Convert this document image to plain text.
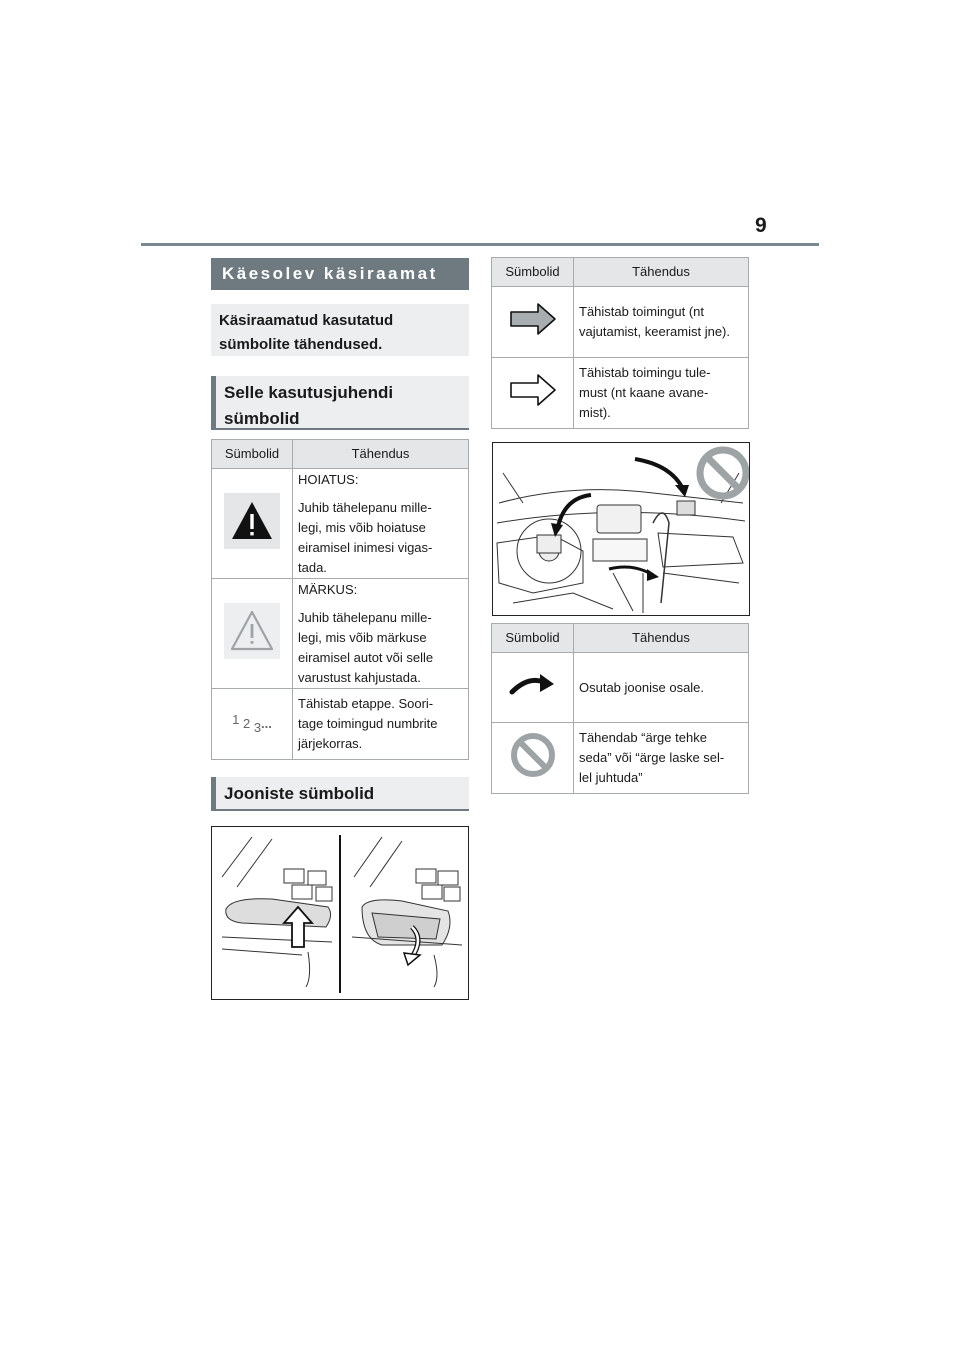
9
Käesolev käsiraamat
Käsiraamatud kasutatud
sümbolite tähendused.
Selle kasutusjuhendi
sümbolid
Sümbolid	Tähendus

HOIATUS:

Juhib tähelepanu mille-
legi, mis võib hoiatuse
eiramisel inimesi vigas-
tada.

MÄRKUS:

Juhib tähelepanu mille-
legi, mis võib märkuse
eiramisel autot või selle
varustust kahjustada.

1 2 3...	Tähistab etappe. Soori-
tage toimingud numbrite
järjekorras.

Jooniste sümbolid
Sümbolid	Tähendus

Tähistab toimingut (nt
vajutamist, keeramist jne).

Tähistab toimingu tule-
must (nt kaane avane-
mist).

Sümbolid	Tähendus

Osutab joonise osale.

Tähendab “ärge tehke
seda” või “ärge laske sel-
lel juhtuda”
